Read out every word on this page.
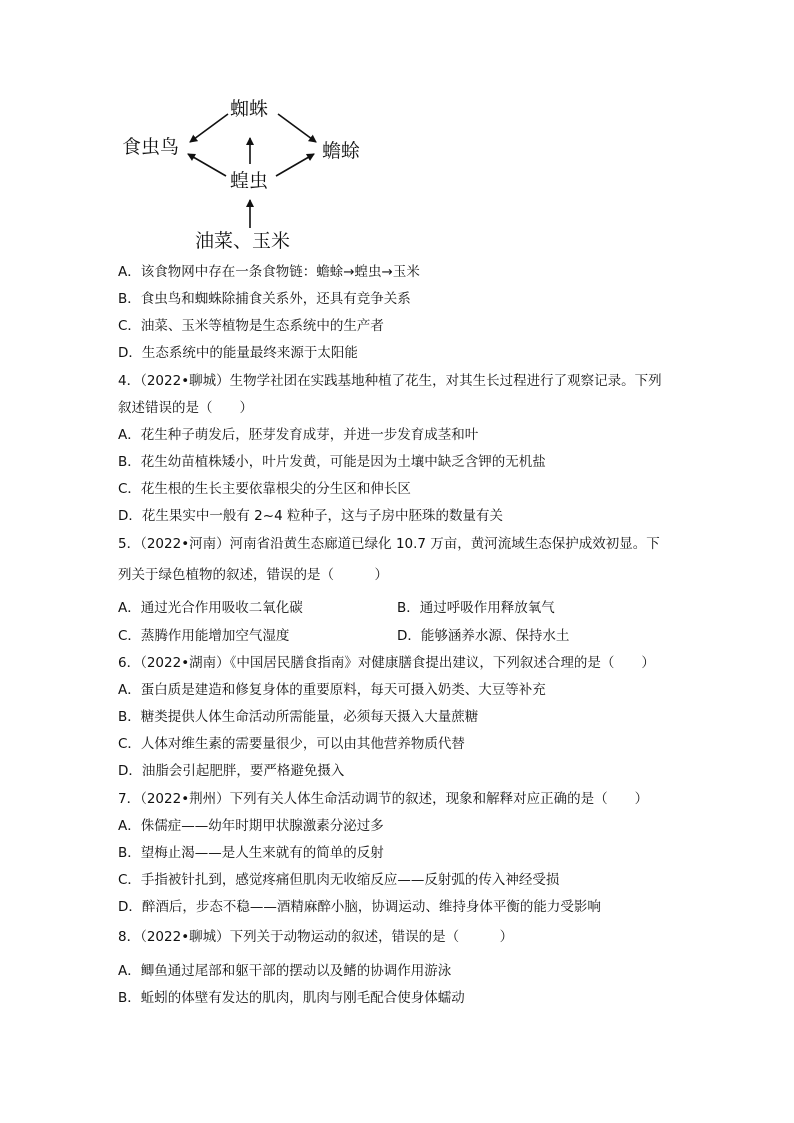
蜘蛛
食虫鸟	蟾蜍
蝗虫
油菜、玉米
A．该食物网中存在一条食物链：蟾蜍→蝗虫→玉米
B．食虫鸟和蜘蛛除捕食关系外，还具有竞争关系
C．油菜、玉米等植物是生态系统中的生产者
D．生态系统中的能量最终来源于太阳能
4．（2022•聊城）生物学社团在实践基地种植了花生，对其生长过程进行了观察记录。下列
叙述错误的是（　　）
A．花生种子萌发后，胚芽发育成芽，并进一步发育成茎和叶
B．花生幼苗植株矮小，叶片发黄，可能是因为土壤中缺乏含钾的无机盐
C．花生根的生长主要依靠根尖的分生区和伸长区
D．花生果实中一般有 2~4 粒种子，这与子房中胚珠的数量有关
5．（2022•河南）河南省沿黄生态廊道已绿化 10.7 万亩，黄河流域生态保护成效初显。下
列关于绿色植物的叙述，错误的是（　　　）
A．通过光合作用吸收二氧化碳	B．通过呼吸作用释放氧气
C．蒸腾作用能增加空气湿度	D．能够涵养水源、保持水土
6．（2022•湖南）《中国居民膳食指南》对健康膳食提出建议，下列叙述合理的是（　　）
A．蛋白质是建造和修复身体的重要原料，每天可摄入奶类、大豆等补充
B．糖类提供人体生命活动所需能量，必须每天摄入大量蔗糖
C．人体对维生素的需要量很少，可以由其他营养物质代替
D．油脂会引起肥胖，要严格避免摄入
7．（2022•荆州）下列有关人体生命活动调节的叙述，现象和解释对应正确的是（　　）
A．侏儒症——幼年时期甲状腺激素分泌过多
B．望梅止渴——是人生来就有的简单的反射
C．手指被针扎到，感觉疼痛但肌肉无收缩反应——反射弧的传入神经受损
D．醉酒后，步态不稳——酒精麻醉小脑，协调运动、维持身体平衡的能力受影响
8．（2022•聊城）下列关于动物运动的叙述，错误的是（　　　）
A．鲫鱼通过尾部和躯干部的摆动以及鳍的协调作用游泳
B．蚯蚓的体壁有发达的肌肉，肌肉与刚毛配合使身体蠕动
